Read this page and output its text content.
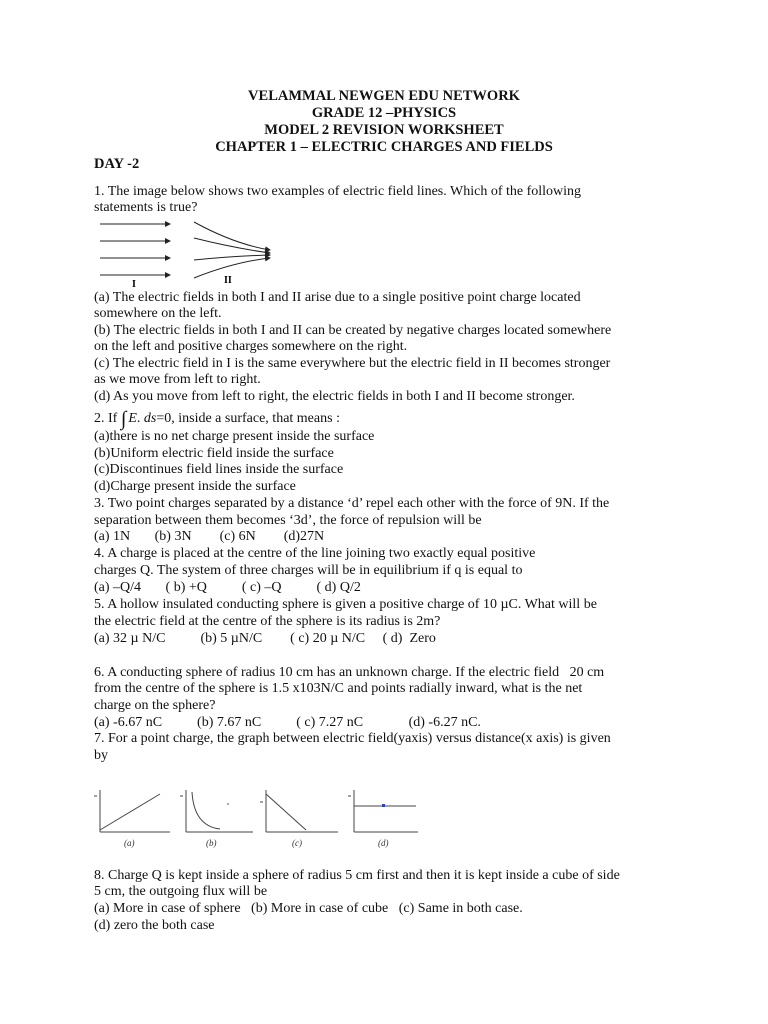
VELAMMAL NEWGEN EDU NETWORK
GRADE 12 –PHYSICS
MODEL 2 REVISION WORKSHEET
CHAPTER 1 – ELECTRIC CHARGES AND FIELDS
DAY -2
1. The image below shows two examples of electric field lines. Which of the following
statements is true?
I	II
(a) The electric fields in both I and II arise due to a single positive point charge located
somewhere on the left.
(b) The electric fields in both I and II can be created by negative charges located somewhere
on the left and positive charges somewhere on the right.
(c) The electric field in I is the same everywhere but the electric field in II becomes stronger
as we move from left to right.
(d) As you move from left to right, the electric fields in both I and II become stronger.
2. If ∫ E. ds=0, inside a surface, that means :
(a)there is no net charge present inside the surface
(b)Uniform electric field inside the surface
(c)Discontinues field lines inside the surface
(d)Charge present inside the surface
3. Two point charges separated by a distance ‘d’ repel each other with the force of 9N. If the
separation between them becomes ‘3d’, the force of repulsion will be
(a) 1N       (b) 3N        (c) 6N        (d)27N
4. A charge is placed at the centre of the line joining two exactly equal positive
charges Q. The system of three charges will be in equilibrium if q is equal to
(a) –Q/4       ( b) +Q          ( c) –Q          ( d) Q/2
5. A hollow insulated conducting sphere is given a positive charge of 10 µC. What will be
the electric field at the centre of the sphere is its radius is 2m?
(a) 32 µ N/C          (b) 5 µN/C        ( c) 20 µ N/C     ( d)  Zero
6. A conducting sphere of radius 10 cm has an unknown charge. If the electric field   20 cm
from the centre of the sphere is 1.5 x103N/C and points radially inward, what is the net
charge on the sphere?
(a) -6.67 nC          (b) 7.67 nC          ( c) 7.27 nC             (d) -6.27 nC.
7. For a point charge, the graph between electric field(yaxis) versus distance(x axis) is given
by
(a)	(b)	(c)	(d)
8. Charge Q is kept inside a sphere of radius 5 cm first and then it is kept inside a cube of side
5 cm, the outgoing flux will be
(a) More in case of sphere   (b) More in case of cube   (c) Same in both case.
(d) zero the both case
